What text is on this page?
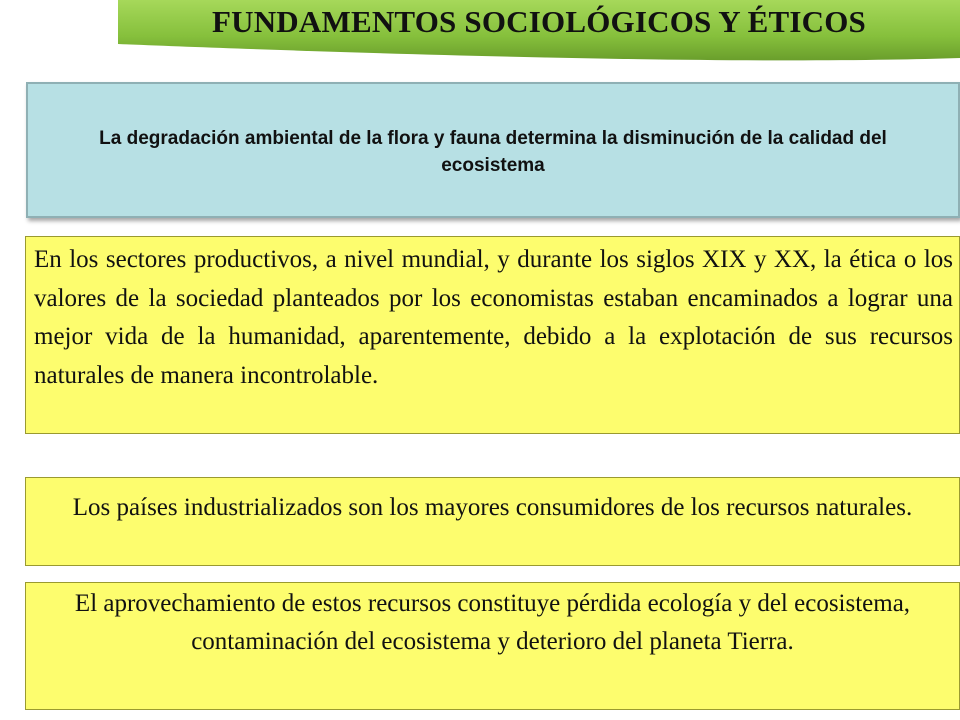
FUNDAMENTOS SOCIOLÓGICOS Y ÉTICOS
La degradación ambiental de la flora y fauna determina la disminución de la calidad del ecosistema
En los sectores productivos, a nivel mundial, y durante los siglos XIX y XX, la ética o los valores de la sociedad planteados por los economistas estaban encaminados a lograr una mejor vida de la humanidad, aparentemente, debido a la explotación de sus recursos naturales de manera incontrolable.
Los países industrializados son los mayores consumidores de los recursos naturales.
El aprovechamiento de estos recursos constituye pérdida ecología y del ecosistema, contaminación del ecosistema y deterioro del planeta Tierra.
